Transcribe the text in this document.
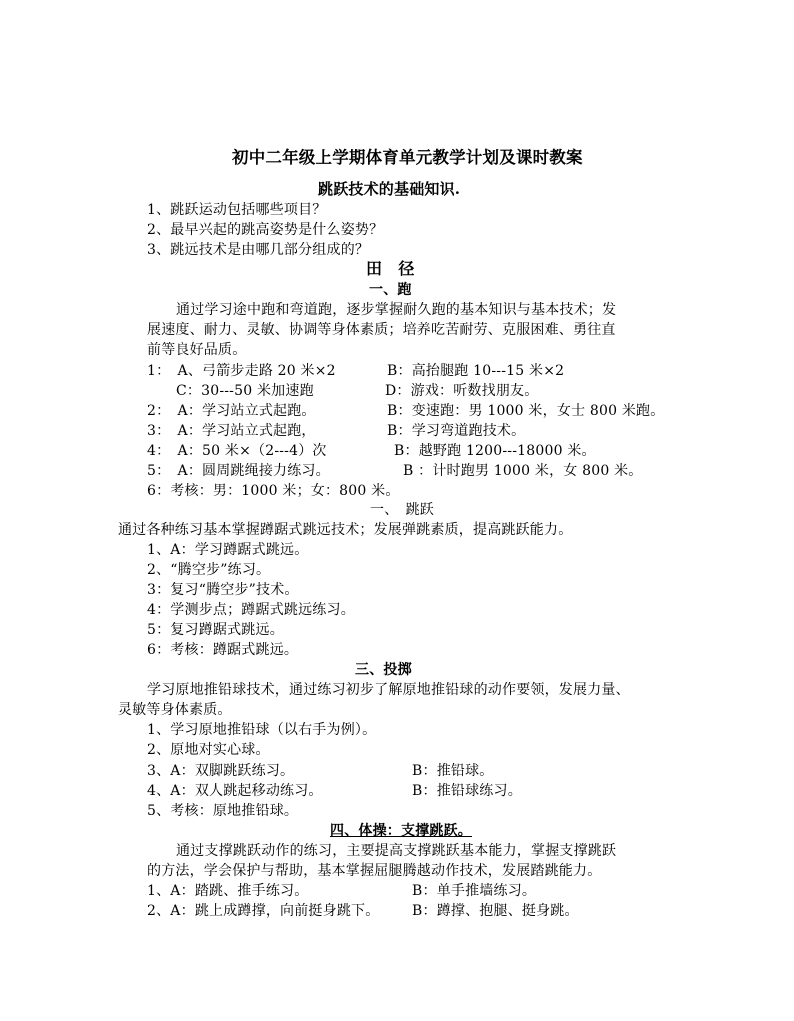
初中二年级上学期体育单元教学计划及课时教案
跳跃技术的基础知识.
1、跳跃运动包括哪些项目？
2、最早兴起的跳高姿势是什么姿势？
3、跳远技术是由哪几部分组成的？
田　径
一、跑
通过学习途中跑和弯道跑，逐步掌握耐久跑的基本知识与基本技术；发
展速度、耐力、灵敏、协调等身体素质；培养吃苦耐劳、克服困难、勇往直
前等良好品质。
1：　A、弓箭步走路 20 米×2	B：高抬腿跑 10---15 米×2
C：30---50 米加速跑	D：游戏：听数找朋友。
2：　A：学习站立式起跑。	B：变速跑：男 1000 米，女士 800 米跑。
3：　A：学习站立式起跑，	B：学习弯道跑技术。
4：　A：50 米×（2---4）次	B：越野跑 1200---18000 米。
5：　A：圆周跳绳接力练习。	B ：计时跑男 1000 米，女 800 米。
6：考核：男：1000 米；女：800 米。
一、　跳跃
通过各种练习基本掌握蹲踞式跳远技术；发展弹跳素质，提高跳跃能力。
1、A：学习蹲踞式跳远。
2、“腾空步”练习。
3：复习“腾空步”技术。
4：学测步点；蹲踞式跳远练习。
5：复习蹲踞式跳远。
6：考核：蹲踞式跳远。
三、投掷
学习原地推铅球技术，通过练习初步了解原地推铅球的动作要领，发展力量、
灵敏等身体素质。
1、学习原地推铅球（以右手为例）。
2、原地对实心球。
3、A：双脚跳跃练习。	B：推铅球。
4、A：双人跳起移动练习。	B：推铅球练习。
5、考核：原地推铅球。
四、体操：支撑跳跃。
通过支撑跳跃动作的练习，主要提高支撑跳跃基本能力，掌握支撑跳跃
的方法，学会保护与帮助，基本掌握屈腿腾越动作技术，发展踏跳能力。
1、A：踏跳、推手练习。	B：单手推墙练习。
2、A：跳上成蹲撑，向前挺身跳下。 B：蹲撑、抱腿、挺身跳。
